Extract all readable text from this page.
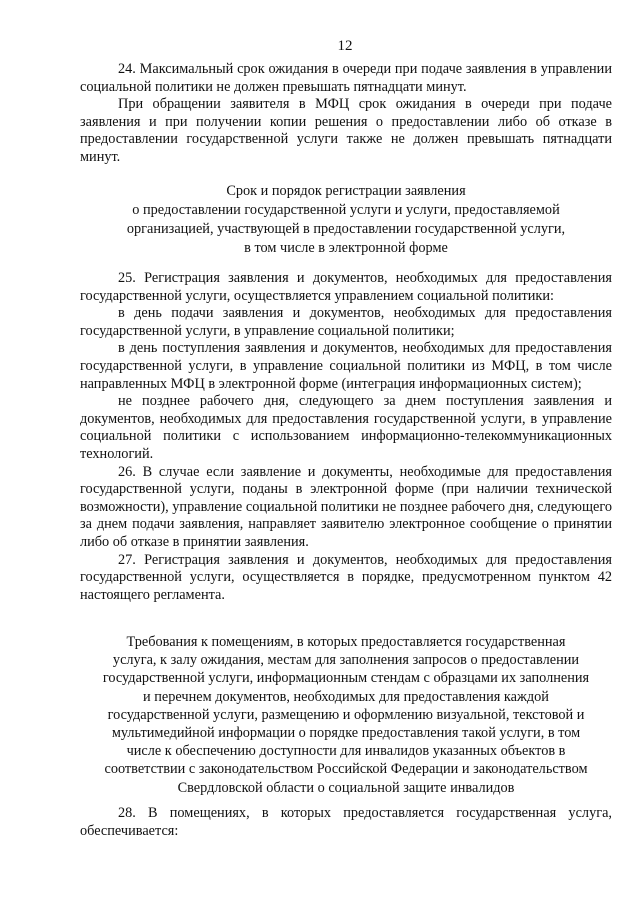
12

24. Максимальный срок ожидания в очереди при подаче заявления в управлении социальной политики не должен превышать пятнадцати минут.

При обращении заявителя в МФЦ срок ожидания в очереди при подаче заявления и при получении копии решения о предоставлении либо об отказе в предоставлении государственной услуги также не должен превышать пятнадцати минут.

Срок и порядок регистрации заявления
о предоставлении государственной услуги и услуги, предоставляемой
организацией, участвующей в предоставлении государственной услуги,
в том числе в электронной форме

25. Регистрация заявления и документов, необходимых для предоставления государственной услуги, осуществляется управлением социальной политики:

в день подачи заявления и документов, необходимых для предоставления государственной услуги, в управление социальной политики;

в день поступления заявления и документов, необходимых для предоставления государственной услуги, в управление социальной политики из МФЦ, в том числе направленных МФЦ в электронной форме (интеграция информационных систем);

не позднее рабочего дня, следующего за днем поступления заявления и документов, необходимых для предоставления государственной услуги, в управление социальной политики с использованием информационно-телекоммуникационных технологий.

26. В случае если заявление и документы, необходимые для предоставления государственной услуги, поданы в электронной форме (при наличии технической возможности), управление социальной политики не позднее рабочего дня, следующего за днем подачи заявления, направляет заявителю электронное сообщение о принятии либо об отказе в принятии заявления.

27. Регистрация заявления и документов, необходимых для предоставления государственной услуги, осуществляется в порядке, предусмотренном пунктом 42 настоящего регламента.

Требования к помещениям, в которых предоставляется государственная
услуга, к залу ожидания, местам для заполнения запросов о предоставлении
государственной услуги, информационным стендам с образцами их заполнения
и перечнем документов, необходимых для предоставления каждой
государственной услуги, размещению и оформлению визуальной, текстовой и
мультимедийной информации о порядке предоставления такой услуги, в том
числе к обеспечению доступности для инвалидов указанных объектов в
соответствии с законодательством Российской Федерации и законодательством
Свердловской области о социальной защите инвалидов

28. В помещениях, в которых предоставляется государственная услуга, обеспечивается:
